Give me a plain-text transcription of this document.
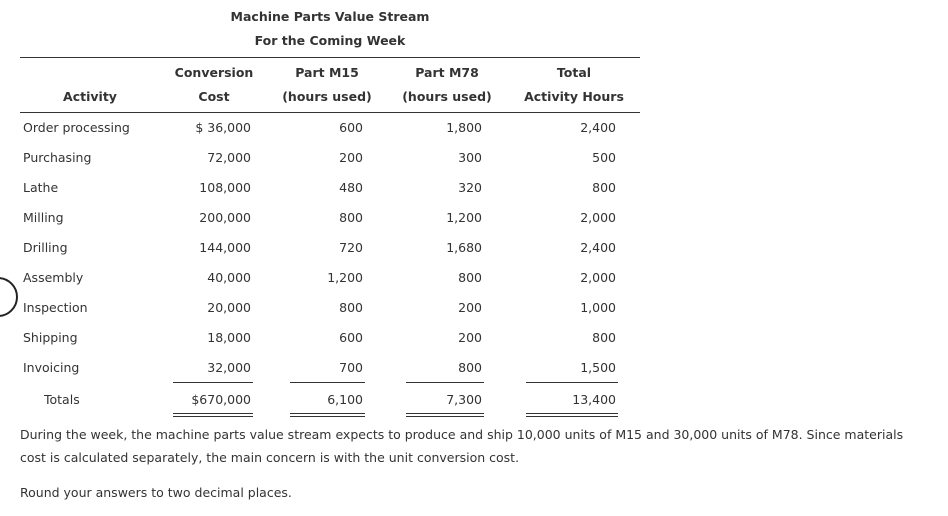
Machine Parts Value Stream
For the Coming Week
Conversion	Part M15	Part M78	Total
Activity	Cost	(hours used)	(hours used)	Activity Hours
Order processing	$ 36,000	600	1,800	2,400
Purchasing	72,000	200	300	500
Lathe	108,000	480	320	800
Milling	200,000	800	1,200	2,000
Drilling	144,000	720	1,680	2,400
Assembly	40,000	1,200	800	2,000
Inspection	20,000	800	200	1,000
Shipping	18,000	600	200	800
Invoicing	32,000	700	800	1,500
Totals	$670,000	6,100	7,300	13,400
During the week, the machine parts value stream expects to produce and ship 10,000 units of M15 and 30,000 units of M78. Since materials cost is calculated separately, the main concern is with the unit conversion cost.
Round your answers to two decimal places.
